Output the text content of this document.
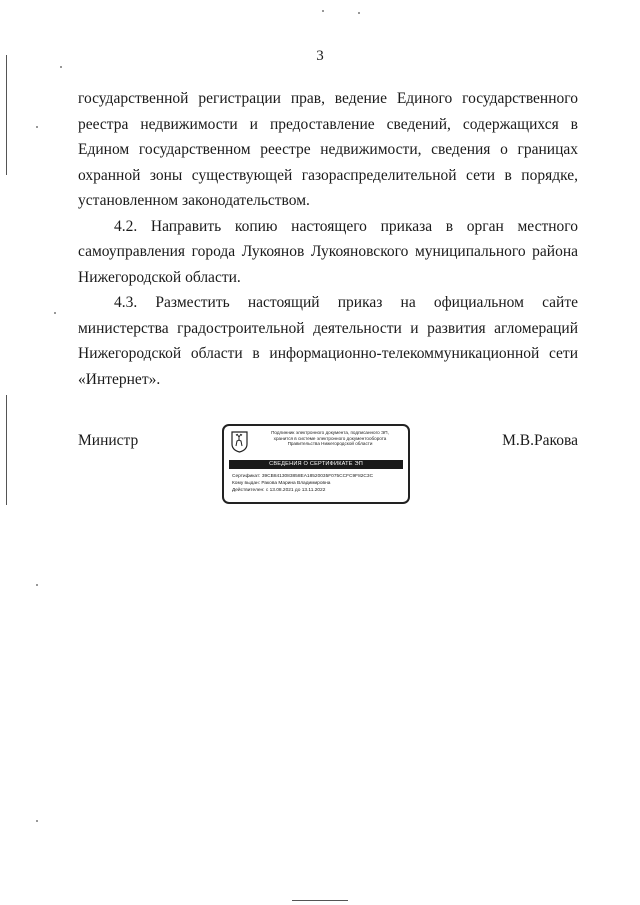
3

государственной регистрации прав, ведение Единого государственного реестра недвижимости и предоставление сведений, содержащихся в Едином государственном реестре недвижимости, сведения о границах охранной зоны существующей газораспределительной сети в порядке, установленном законодательством.

4.2. Направить копию настоящего приказа в орган местного самоуправления города Лукоянов Лукояновского муниципального района Нижегородской области.

4.3. Разместить настоящий приказ на официальном сайте министерства градостроительной деятельности и развития агломераций Нижегородской области в информационно-телекоммуникационной сети «Интернет».

Министр	Подлинник электронного документа, подписанного ЭП,
хранится в системе электронного документооборота
Правительства Нижегородской области
СВЕДЕНИЯ О СЕРТИФИКАТЕ ЭП
Сертификат: 39CB8413083858EA18520035F075CCFC9F82C3C
Кому выдан: Ракова Марина Владимировна
Действителен: с 13.08.2021 до 13.11.2022
М.В.Ракова
